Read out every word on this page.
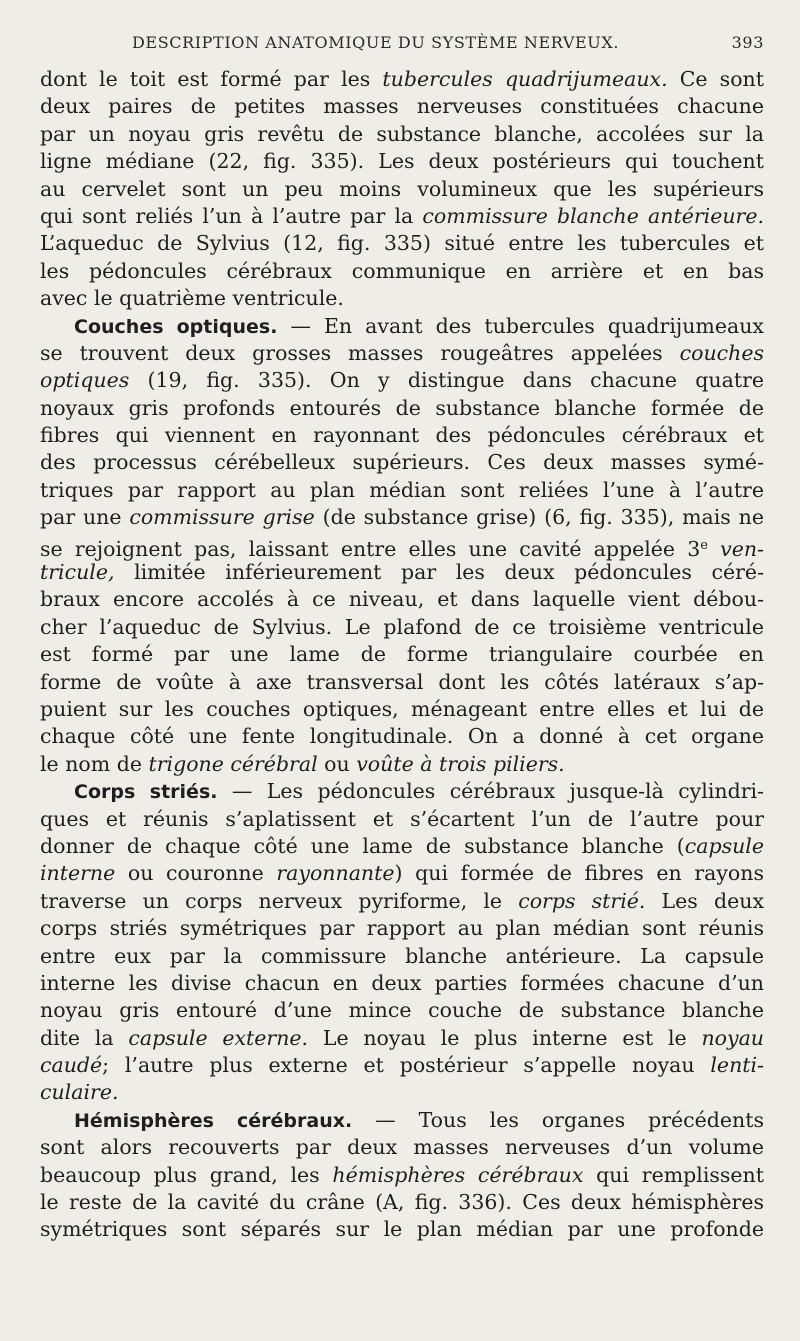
DESCRIPTION ANATOMIQUE DU SYSTÈME NERVEUX.	393
dont le toit est formé par les tubercules quadrijumeaux. Ce sont
deux paires de petites masses nerveuses constituées chacune
par un noyau gris revêtu de substance blanche, accolées sur la
ligne médiane (22, fig. 335). Les deux postérieurs qui touchent
au cervelet sont un peu moins volumineux que les supérieurs
qui sont reliés l’un à l’autre par la commissure blanche antérieure.
L’aqueduc de Sylvius (12, fig. 335) situé entre les tubercules et
les pédoncules cérébraux communique en arrière et en bas
avec le quatrième ventricule.
Couches optiques. — En avant des tubercules quadrijumeaux
se trouvent deux grosses masses rougeâtres appelées couches
optiques (19, fig. 335). On y distingue dans chacune quatre
noyaux gris profonds entourés de substance blanche formée de
fibres qui viennent en rayonnant des pédoncules cérébraux et
des processus cérébelleux supérieurs. Ces deux masses symé-
triques par rapport au plan médian sont reliées l’une à l’autre
par une commissure grise (de substance grise) (6, fig. 335), mais ne
se rejoignent pas, laissant entre elles une cavité appelée 3e ven-
tricule, limitée inférieurement par les deux pédoncules céré-
braux encore accolés à ce niveau, et dans laquelle vient débou-
cher l’aqueduc de Sylvius. Le plafond de ce troisième ventricule
est formé par une lame de forme triangulaire courbée en
forme de voûte à axe transversal dont les côtés latéraux s’ap-
puient sur les couches optiques, ménageant entre elles et lui de
chaque côté une fente longitudinale. On a donné à cet organe
le nom de trigone cérébral ou voûte à trois piliers.
Corps striés. — Les pédoncules cérébraux jusque-là cylindri-
ques et réunis s’aplatissent et s’écartent l’un de l’autre pour
donner de chaque côté une lame de substance blanche (capsule
interne ou couronne rayonnante) qui formée de fibres en rayons
traverse un corps nerveux pyriforme, le corps strié. Les deux
corps striés symétriques par rapport au plan médian sont réunis
entre eux par la commissure blanche antérieure. La capsule
interne les divise chacun en deux parties formées chacune d’un
noyau gris entouré d’une mince couche de substance blanche
dite la capsule externe. Le noyau le plus interne est le noyau
caudé; l’autre plus externe et postérieur s’appelle noyau lenti-
culaire.
Hémisphères cérébraux. — Tous les organes précédents
sont alors recouverts par deux masses nerveuses d’un volume
beaucoup plus grand, les hémisphères cérébraux qui remplissent
le reste de la cavité du crâne (A, fig. 336). Ces deux hémisphères
symétriques sont séparés sur le plan médian par une profonde
